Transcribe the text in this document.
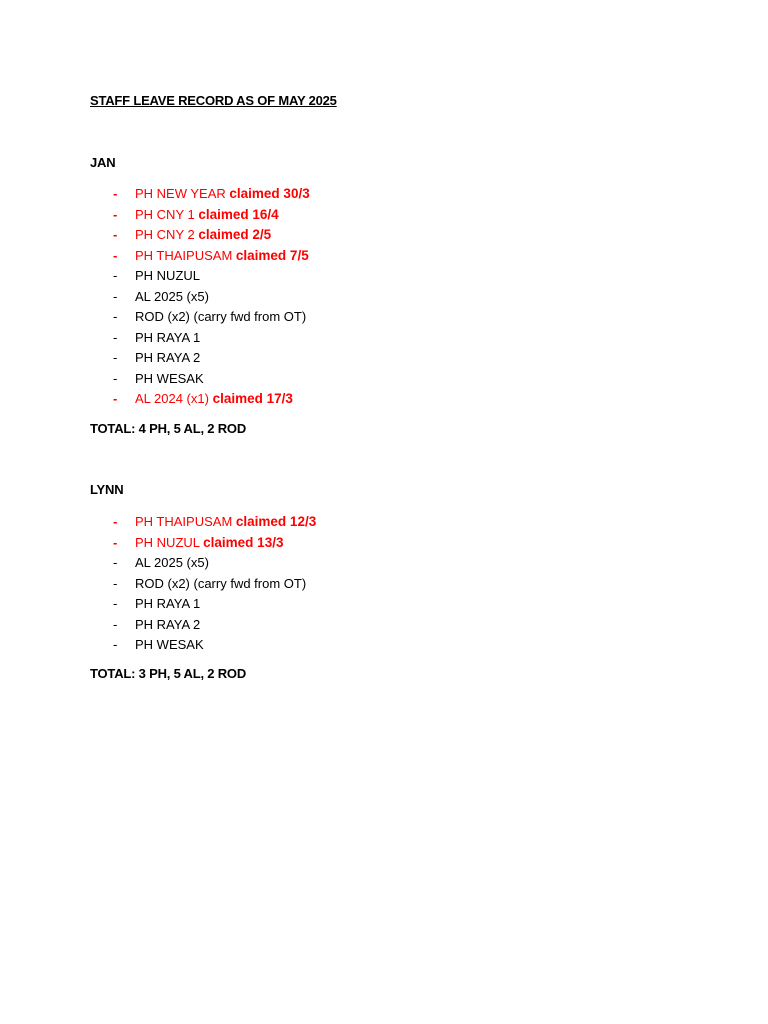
STAFF LEAVE RECORD AS OF MAY 2025
JAN
- PH NEW YEAR claimed 30/3
- PH CNY 1 claimed 16/4
- PH CNY 2 claimed 2/5
- PH THAIPUSAM claimed 7/5
- PH NUZUL
- AL 2025 (x5)
- ROD (x2) (carry fwd from OT)
- PH RAYA 1
- PH RAYA 2
- PH WESAK
- AL 2024 (x1) claimed 17/3
TOTAL: 4 PH, 5 AL, 2 ROD
LYNN
- PH THAIPUSAM claimed 12/3
- PH NUZUL claimed 13/3
- AL 2025 (x5)
- ROD (x2) (carry fwd from OT)
- PH RAYA 1
- PH RAYA 2
- PH WESAK
TOTAL: 3 PH, 5 AL, 2 ROD
